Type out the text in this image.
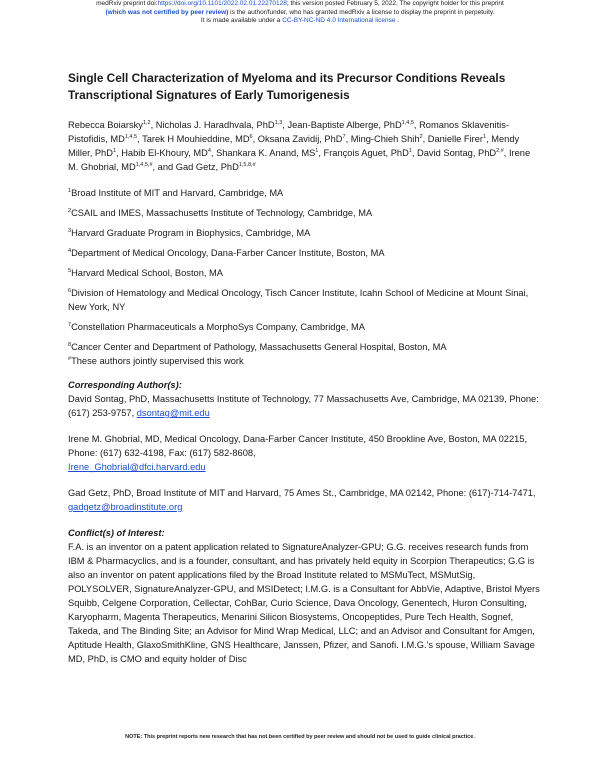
medRxiv preprint doi:https://doi.org/10.1101/2022.02.01.22270128; this version posted February 5, 2022. The copyright holder for this preprint
(which was not certified by peer review) is the author/funder, who has granted medRxiv a license to display the preprint in perpetuity.
It is made available under a CC-BY-NC-ND 4.0 International license .
Single Cell Characterization of Myeloma and its Precursor Conditions Reveals Transcriptional Signatures of Early Tumorigenesis
Rebecca Boiarsky$^{1,2}$, Nicholas J. Haradhvala, PhD$^{1,3}$, Jean-Baptiste Alberge, PhD$^{1,4,5}$, Romanos Sklavenitis-Pistofidis, MD$^{1,4,5}$, Tarek H Mouhieddine, $MD^6$, Oksana Zavidij, PhD$^7$, Ming-Chieh Shih$^2$, Danielle Firer$^1$, Mendy Miller, PhD$^1$, Habib El-Khoury, $MD^4$, Shankara K. Anand, $MS^1$, François Aguet, PhD$^1$, David Sontag, PhD$^{2,\#}$, Irene M. Ghobrial, $MD^{1,4,5,\#}$, and Gad Getz, PhD$^{1,5,8,\#}$
$^1$Broad Institute of MIT and Harvard, Cambridge, MA
$^2$CSAIL and IMES, Massachusetts Institute of Technology, Cambridge, MA
$^3$Harvard Graduate Program in Biophysics, Cambridge, MA
$^4$Department of Medical Oncology, Dana-Farber Cancer Institute, Boston, MA
$^5$Harvard Medical School, Boston, MA
$^6$Division of Hematology and Medical Oncology, Tisch Cancer Institute, Icahn School of Medicine at Mount Sinai, New York, NY
$^7$Constellation Pharmaceuticals a MorphoSys Company, Cambridge, MA
$^8$Cancer Center and Department of Pathology, Massachusetts General Hospital, Boston, MA
#These authors jointly supervised this work
Corresponding Author(s):
David Sontag, PhD, Massachusetts Institute of Technology, 77 Massachusetts Ave, Cambridge, MA 02139, Phone: (617) 253-9757, dsontag@mit.edu
Irene M. Ghobrial, MD, Medical Oncology, Dana-Farber Cancer Institute, 450 Brookline Ave, Boston, MA 02215, Phone: (617) 632-4198, Fax: (617) 582-8608,
Irene_Ghobrial@dfci.harvard.edu
Gad Getz, PhD, Broad Institute of MIT and Harvard, 75 Ames St., Cambridge, MA 02142, Phone: (617)-714-7471, gadgetz@broadinstitute.org
Conflict(s) of Interest:
F.A. is an inventor on a patent application related to SignatureAnalyzer-GPU; G.G. receives research funds from IBM & Pharmacyclics, and is a founder, consultant, and has privately held equity in Scorpion Therapeutics; G.G is also an inventor on patent applications filed by the Broad Institute related to MSMuTect, MSMutSig, POLYSOLVER, SignatureAnalyzer-GPU, and MSIDetect; I.M.G. is a Consultant for AbbVie, Adaptive, Bristol Myers Squibb, Celgene Corporation, Cellectar, CohBar, Curio Science, Dava Oncology, Genentech, Huron Consulting, Karyopharm, Magenta Therapeutics, Menarini Silicon Biosystems, Oncopeptides, Pure Tech Health, Sognef, Takeda, and The Binding Site; an Advisor for Mind Wrap Medical, LLC; and an Advisor and Consultant for Amgen, Aptitude Health, GlaxoSmithKline, GNS Healthcare, Janssen, Pfizer, and Sanofi. I.M.G.'s spouse, William Savage MD, PhD, is CMO and equity holder of Disc
NOTE: This preprint reports new research that has not been certified by peer review and should not be used to guide clinical practice.
